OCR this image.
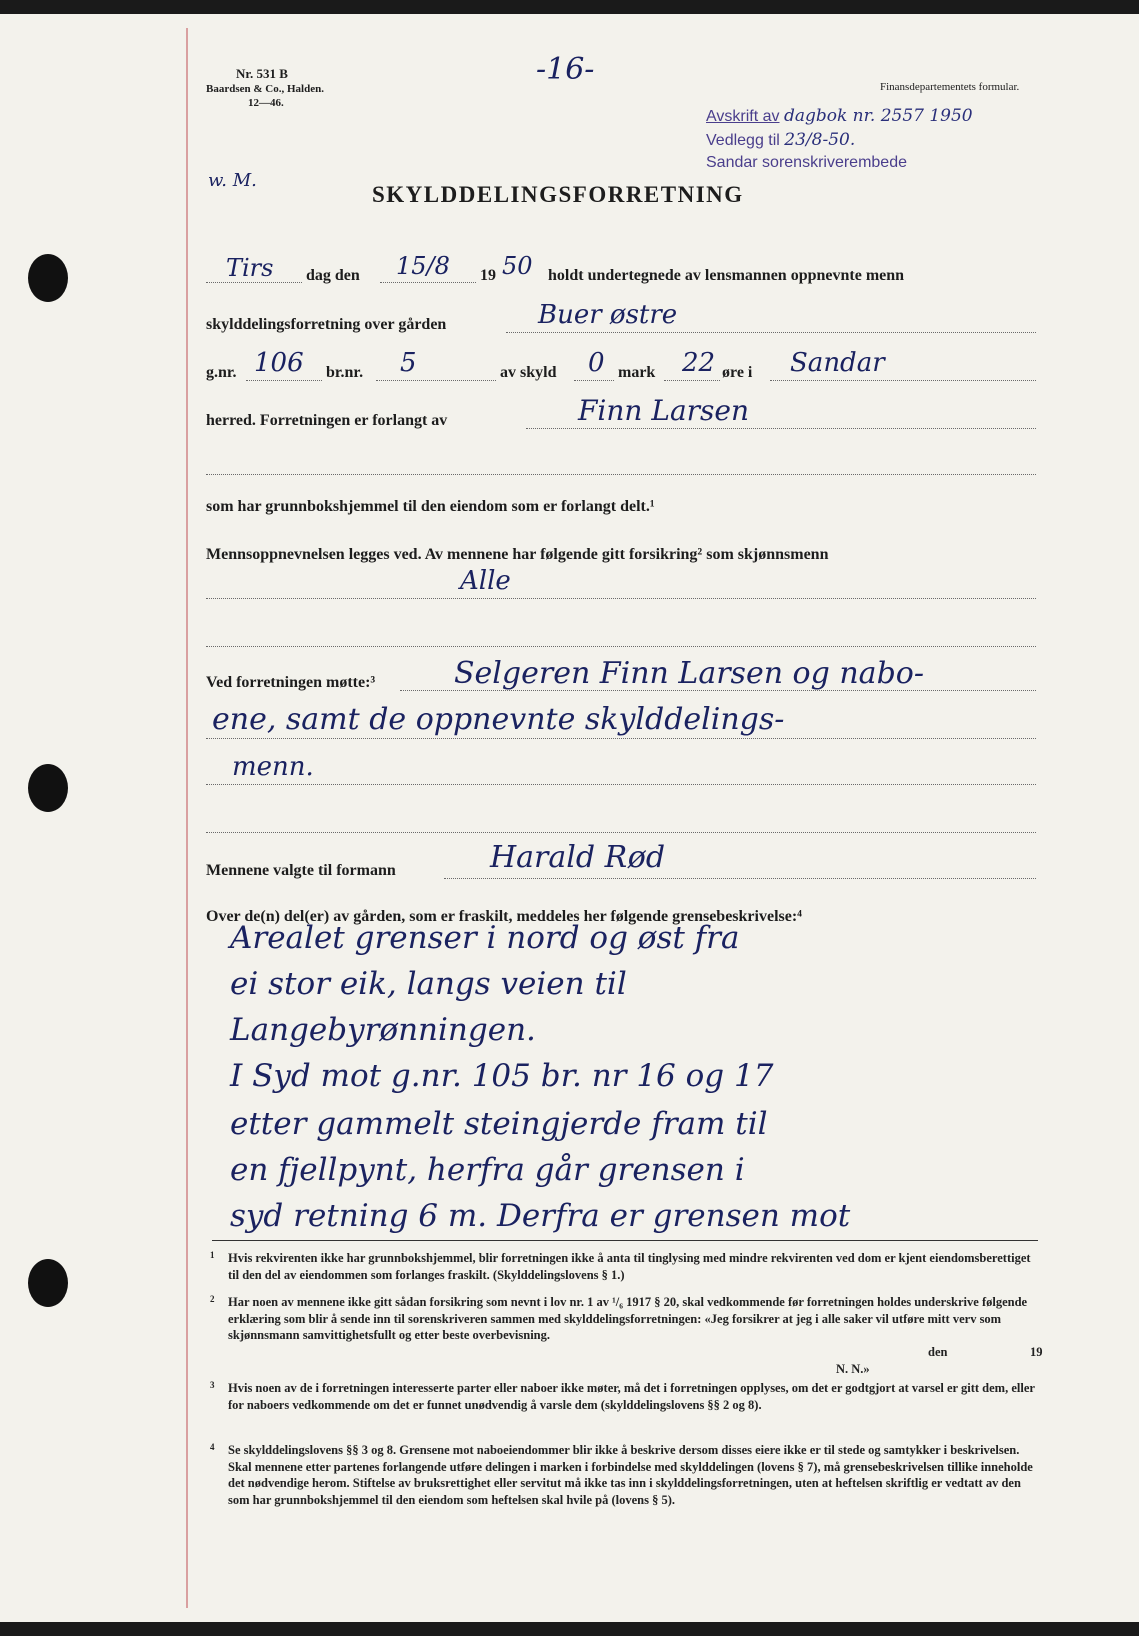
Nr. 531 B
Baardsen & Co., Halden.
12—46.
-16-	Finansdepartementets formular.
Avskrift av dagbok nr. 2557 1950
Vedlegg til 23/8-50.
Sandar sorenskriverembede
w. M.
SKYLDDELINGSFORRETNING
Tirs dag den 15/8 19 50 holdt undertegnede av lensmannen oppnevnte menn
skylddelingsforretning over gården	Buer østre
g.nr. 106 br.nr. 5	av skyld 0 mark 22 øre i Sandar
herred. Forretningen er forlangt av	Finn Larsen
som har grunnbokshjemmel til den eiendom som er forlangt delt.¹
Mennsoppnevnelsen legges ved. Av mennene har følgende gitt forsikring² som skjønnsmenn
Alle
Ved forretningen møtte:³	Selgeren Finn Larsen og nabo-
ene, samt de oppnevnte skylddelings-
menn.
Mennene valgte til formann	Harald Rød
Over de(n) del(er) av gården, som er fraskilt, meddeles her følgende grensebeskrivelse:⁴
Arealet grenser i nord og øst fra
ei stor eik, langs veien til
Langebyrønningen.
I Syd mot g.nr. 105 br. nr 16 og 17
etter gammelt steingjerde fram til
en fjellpynt, herfra går grensen i
syd retning 6 m. Derfra er grensen mot
1	Hvis rekvirenten ikke har grunnbokshjemmel, blir forretningen ikke å anta til tinglysing med mindre rekvirenten ved dom er kjent eiendomsberettiget til den del av eiendommen som forlanges fraskilt. (Skylddelingslovens § 1.)

2	Har noen av mennene ikke gitt sådan forsikring som nevnt i lov nr. 1 av ¹/₆ 1917 § 20, skal vedkommende før forretningen holdes underskrive følgende erklæring som blir å sende inn til sorenskriveren sammen med skylddelingsforretningen: «Jeg forsikrer at jeg i alle saker vil utføre mitt verv som skjønnsmann samvittighetsfullt og etter beste overbevisning.

den	19
N. N.»
3	Hvis noen av de i forretningen interesserte parter eller naboer ikke møter, må det i forretningen opplyses, om det er godtgjort at varsel er gitt dem, eller for naboers vedkommende om det er funnet unødvendig å varsle dem (skylddelingslovens §§ 2 og 8).

4	Se skylddelingslovens §§ 3 og 8. Grensene mot naboeiendommer blir ikke å beskrive dersom disses eiere ikke er til stede og samtykker i beskrivelsen. Skal mennene etter partenes forlangende utføre delingen i marken i forbindelse med skylddelingen (lovens § 7), må grensebeskrivelsen tillike inneholde det nødvendige herom. Stiftelse av bruksrettighet eller servitut må ikke tas inn i skylddelingsforretningen, uten at heftelsen skriftlig er vedtatt av den som har grunnbokshjemmel til den eiendom som heftelsen skal hvile på (lovens § 5).
